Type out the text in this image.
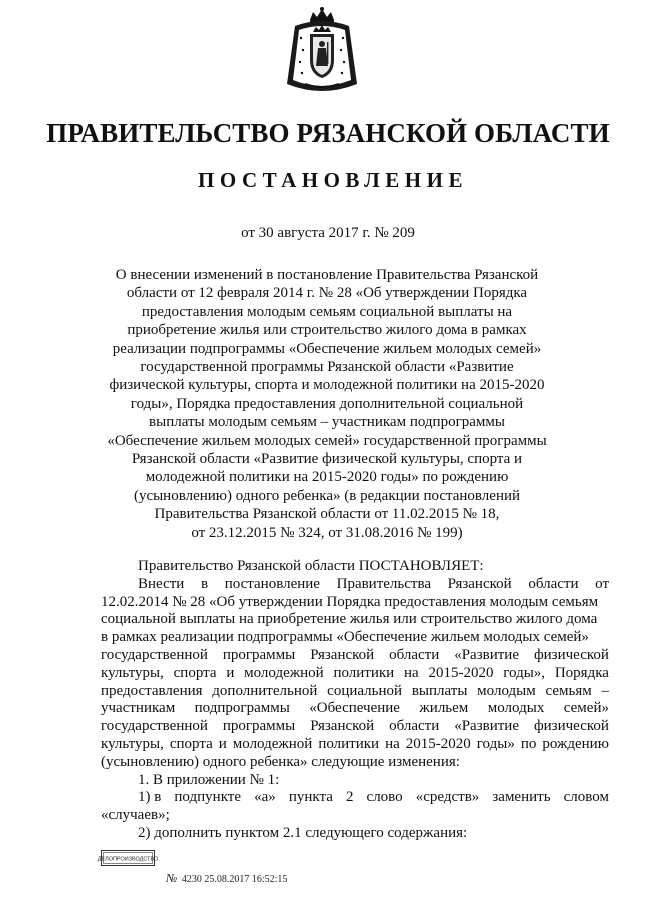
ПРАВИТЕЛЬСТВО РЯЗАНСКОЙ ОБЛАСТИ
ПОСТАНОВЛЕНИЕ
от 30 августа 2017 г. № 209
О внесении изменений в постановление Правительства Рязанской
области от 12 февраля 2014 г. № 28 «Об утверждении Порядка
предоставления молодым семьям социальной выплаты на
приобретение жилья или строительство жилого дома в рамках
реализации подпрограммы «Обеспечение жильем молодых семей»
государственной программы Рязанской области «Развитие
физической культуры, спорта и молодежной политики на 2015-2020
годы», Порядка предоставления дополнительной социальной
выплаты молодым семьям – участникам подпрограммы
«Обеспечение жильем молодых семей» государственной программы
Рязанской области «Развитие физической культуры, спорта и
молодежной политики на 2015-2020 годы» по рождению
(усыновлению) одного ребенка» (в редакции постановлений
Правительства Рязанской области от 11.02.2015 № 18,
от 23.12.2015 № 324, от 31.08.2016 № 199)
Правительство Рязанской области ПОСТАНОВЛЯЕТ:
Внести в постановление Правительства Рязанской области от
12.02.2014 № 28 «Об утверждении Порядка предоставления молодым семьям
социальной выплаты на приобретение жилья или строительство жилого дома
в рамках реализации подпрограммы «Обеспечение жильем молодых семей»
государственной программы Рязанской области «Развитие физической
культуры, спорта и молодежной политики на 2015-2020 годы», Порядка
предоставления дополнительной социальной выплаты молодым семьям –
участникам подпрограммы «Обеспечение жильем молодых семей»
государственной программы Рязанской области «Развитие физической
культуры, спорта и молодежной политики на 2015-2020 годы» по рождению
(усыновлению) одного ребенка» следующие изменения:
1. В приложении № 1:
1) в подпункте «а» пункта 2 слово «средств» заменить словом
«случаев»;
2) дополнить пунктом 2.1 следующего содержания:
ДЕЛОПРОИЗВОДСТВО
№ 4230 25.08.2017 16:52:15
